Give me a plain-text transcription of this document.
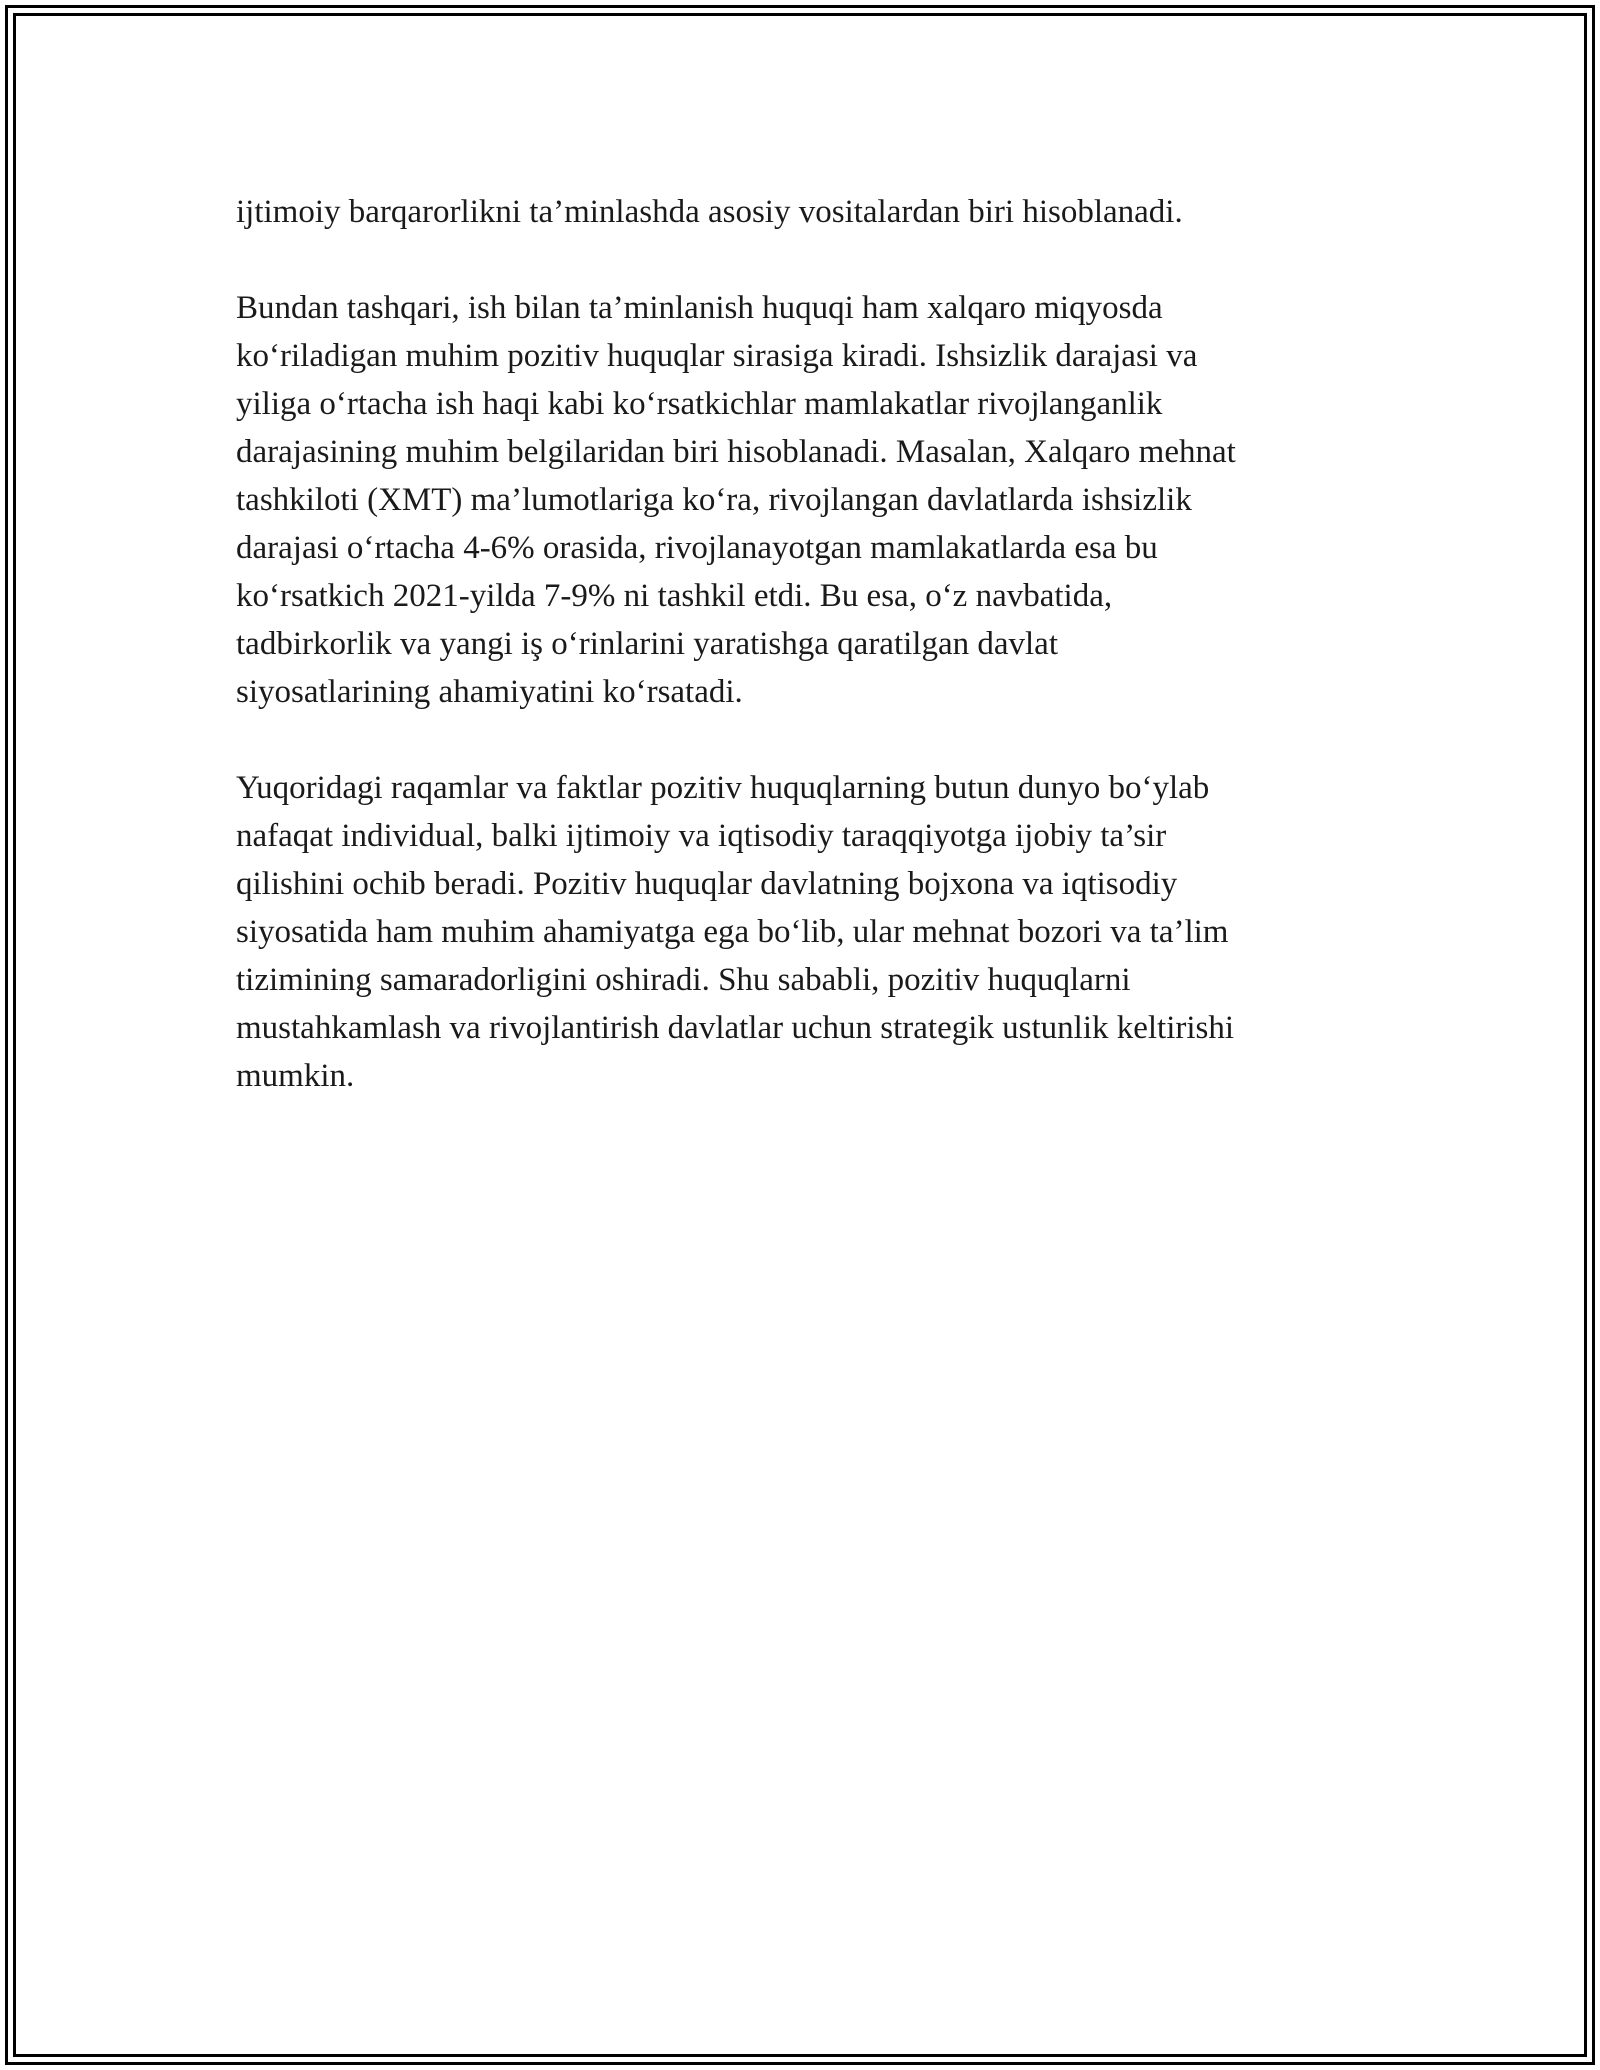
ijtimoiy barqarorlikni ta’minlashda asosiy vositalardan biri hisoblanadi.

Bundan tashqari, ish bilan ta’minlanish huquqi ham xalqaro miqyosda
ko‘riladigan muhim pozitiv huquqlar sirasiga kiradi. Ishsizlik darajasi va
yiliga o‘rtacha ish haqi kabi ko‘rsatkichlar mamlakatlar rivojlanganlik
darajasining muhim belgilaridan biri hisoblanadi. Masalan, Xalqaro mehnat
tashkiloti (XMT) ma’lumotlariga ko‘ra, rivojlangan davlatlarda ishsizlik
darajasi o‘rtacha 4-6% orasida, rivojlanayotgan mamlakatlarda esa bu
ko‘rsatkich 2021-yilda 7-9% ni tashkil etdi. Bu esa, o‘z navbatida,
tadbirkorlik va yangi iş o‘rinlarini yaratishga qaratilgan davlat
siyosatlarining ahamiyatini ko‘rsatadi.

Yuqoridagi raqamlar va faktlar pozitiv huquqlarning butun dunyo bo‘ylab
nafaqat individual, balki ijtimoiy va iqtisodiy taraqqiyotga ijobiy ta’sir
qilishini ochib beradi. Pozitiv huquqlar davlatning bojxona va iqtisodiy
siyosatida ham muhim ahamiyatga ega bo‘lib, ular mehnat bozori va ta’lim
tizimining samaradorligini oshiradi. Shu sababli, pozitiv huquqlarni
mustahkamlash va rivojlantirish davlatlar uchun strategik ustunlik keltirishi
mumkin.
